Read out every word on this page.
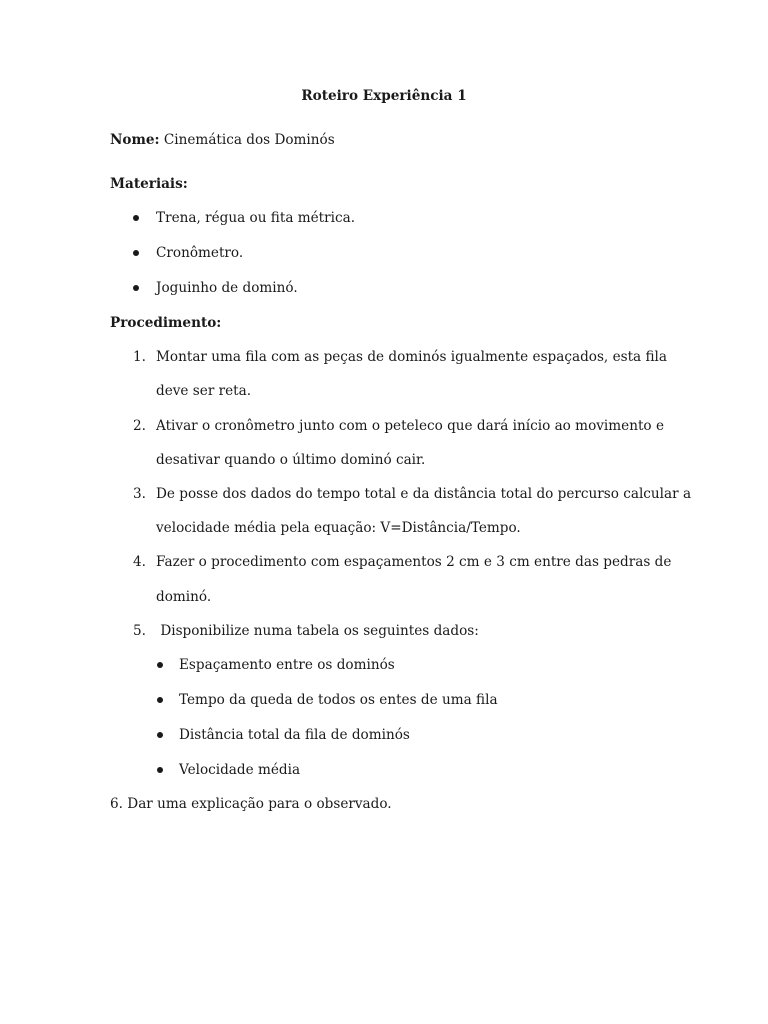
Roteiro Experiência 1
Nome: Cinemática dos Dominós
Materiais:
Trena, régua ou fita métrica.
Cronômetro.
Joguinho de dominó.
Procedimento:
1. Montar uma fila com as peças de dominós igualmente espaçados, esta fila
deve ser reta.
2. Ativar o cronômetro junto com o peteleco que dará início ao movimento e
desativar quando o último dominó cair.
3. De posse dos dados do tempo total e da distância total do percurso calcular a
velocidade média pela equação: V=Distância/Tempo.
4. Fazer o procedimento com espaçamentos 2 cm e 3 cm entre das pedras de
dominó.
5. Disponibilize numa tabela os seguintes dados:
Espaçamento entre os dominós
Tempo da queda de todos os entes de uma fila
Distância total da fila de dominós
Velocidade média
6. Dar uma explicação para o observado.
